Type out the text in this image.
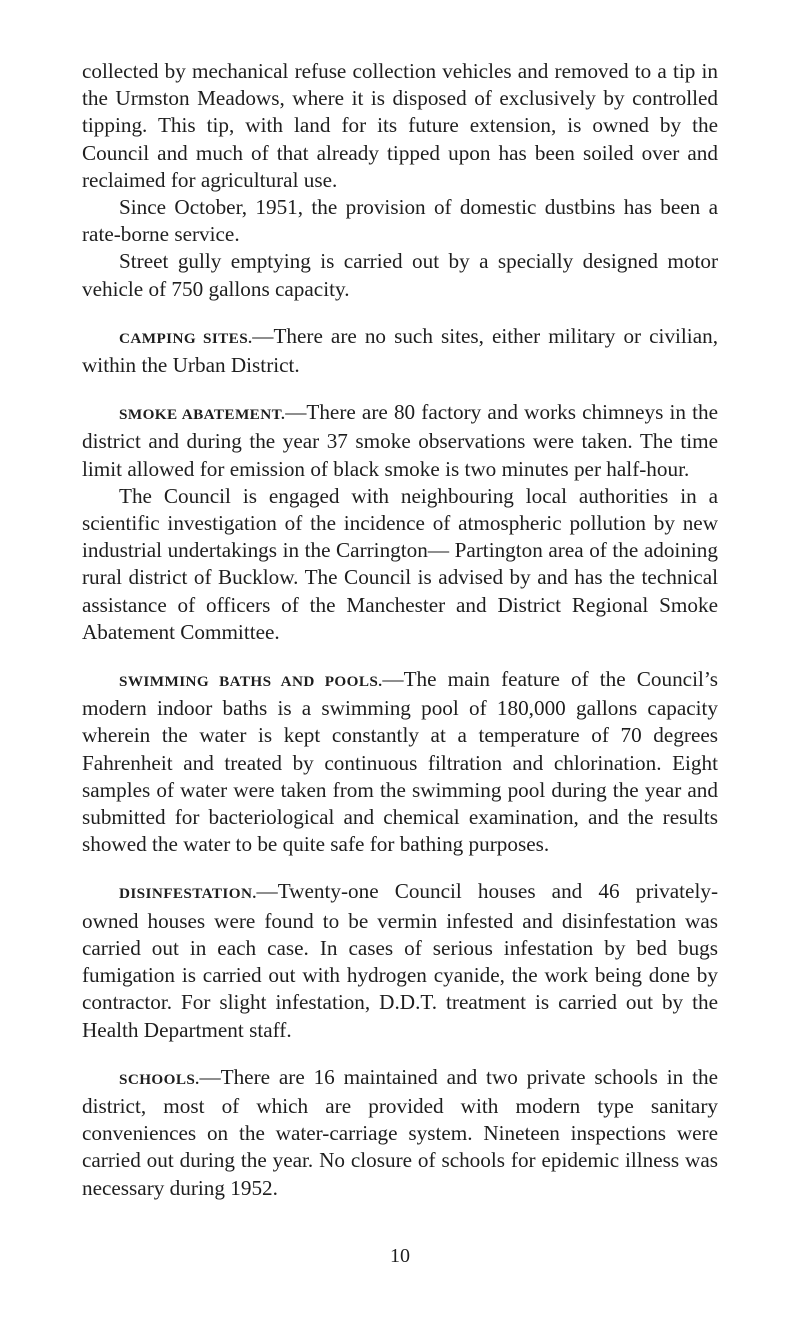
collected by mechanical refuse collection vehicles and removed to a tip in the Urmston Meadows, where it is disposed of exclusively by controlled tipping. This tip, with land for its future extension, is owned by the Council and much of that already tipped upon has been soiled over and reclaimed for agricultural use.

Since October, 1951, the provision of domestic dustbins has been a rate-borne service.

Street gully emptying is carried out by a specially designed motor vehicle of 750 gallons capacity.

CAMPING SITES.—There are no such sites, either military or civilian, within the Urban District.

SMOKE ABATEMENT.—There are 80 factory and works chimneys in the district and during the year 37 smoke observations were taken. The time limit allowed for emission of black smoke is two minutes per half-hour.

The Council is engaged with neighbouring local authorities in a scientific investigation of the incidence of atmospheric pollution by new industrial undertakings in the Carrington— Partington area of the adoining rural district of Bucklow. The Council is advised by and has the technical assistance of officers of the Manchester and District Regional Smoke Abatement Committee.

SWIMMING BATHS AND POOLS.—The main feature of the Council’s modern indoor baths is a swimming pool of 180,000 gallons capacity wherein the water is kept constantly at a temperature of 70 degrees Fahrenheit and treated by continuous filtration and chlorination. Eight samples of water were taken from the swimming pool during the year and submitted for bacteriological and chemical examination, and the results showed the water to be quite safe for bathing purposes.

DISINFESTATION.—Twenty-one Council houses and 46 privately-owned houses were found to be vermin infested and disinfestation was carried out in each case. In cases of serious infestation by bed bugs fumigation is carried out with hydrogen cyanide, the work being done by contractor. For slight infestation, D.D.T. treatment is carried out by the Health Department staff.

SCHOOLS.—There are 16 maintained and two private schools in the district, most of which are provided with modern type sanitary conveniences on the water-carriage system. Nineteen inspections were carried out during the year. No closure of schools for epidemic illness was necessary during 1952.

10
